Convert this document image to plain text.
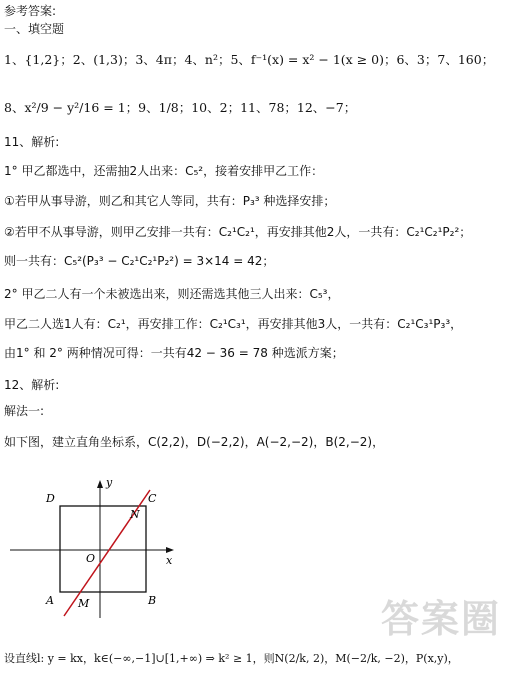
参考答案:
一、填空题
1、{1,2}；2、(1,3)；3、4π；4、n²；5、f⁻¹(x) = x² − 1(x ≥ 0)；6、3；7、160；
8、x²/9 − y²/16 = 1；9、1/8；10、2；11、78；12、−7；
11、解析:
1° 甲乙都选中，还需抽2人出来：C₅²，接着安排甲乙工作：
①若甲从事导游，则乙和其它人等同，共有：P₃³ 种选择安排；
②若甲不从事导游，则甲乙安排一共有：C₂¹C₂¹，再安排其他2人，一共有：C₂¹C₂¹P₂²；
则一共有：C₅²(P₃³ − C₂¹C₂¹P₂²) = 3×14 = 42；
2° 甲乙二人有一个未被选出来，则还需选其他三人出来：C₅³，
甲乙二人选1人有：C₂¹，再安排工作：C₂¹C₃¹，再安排其他3人，一共有：C₂¹C₃¹P₃³，
由1° 和 2° 两种情况可得：一共有42 − 36 = 78 种选派方案；
12、解析:
解法一:
如下图，建立直角坐标系，C(2,2)，D(−2,2)，A(−2,−2)，B(2,−2)，
D	C
A	B
N
M
O	x
y
答案圈
设直线l: y = kx，k∈(−∞,−1]∪[1,+∞) ⇒ k² ≥ 1，则N(2/k, 2)，M(−2/k, −2)，P(x,y)，
